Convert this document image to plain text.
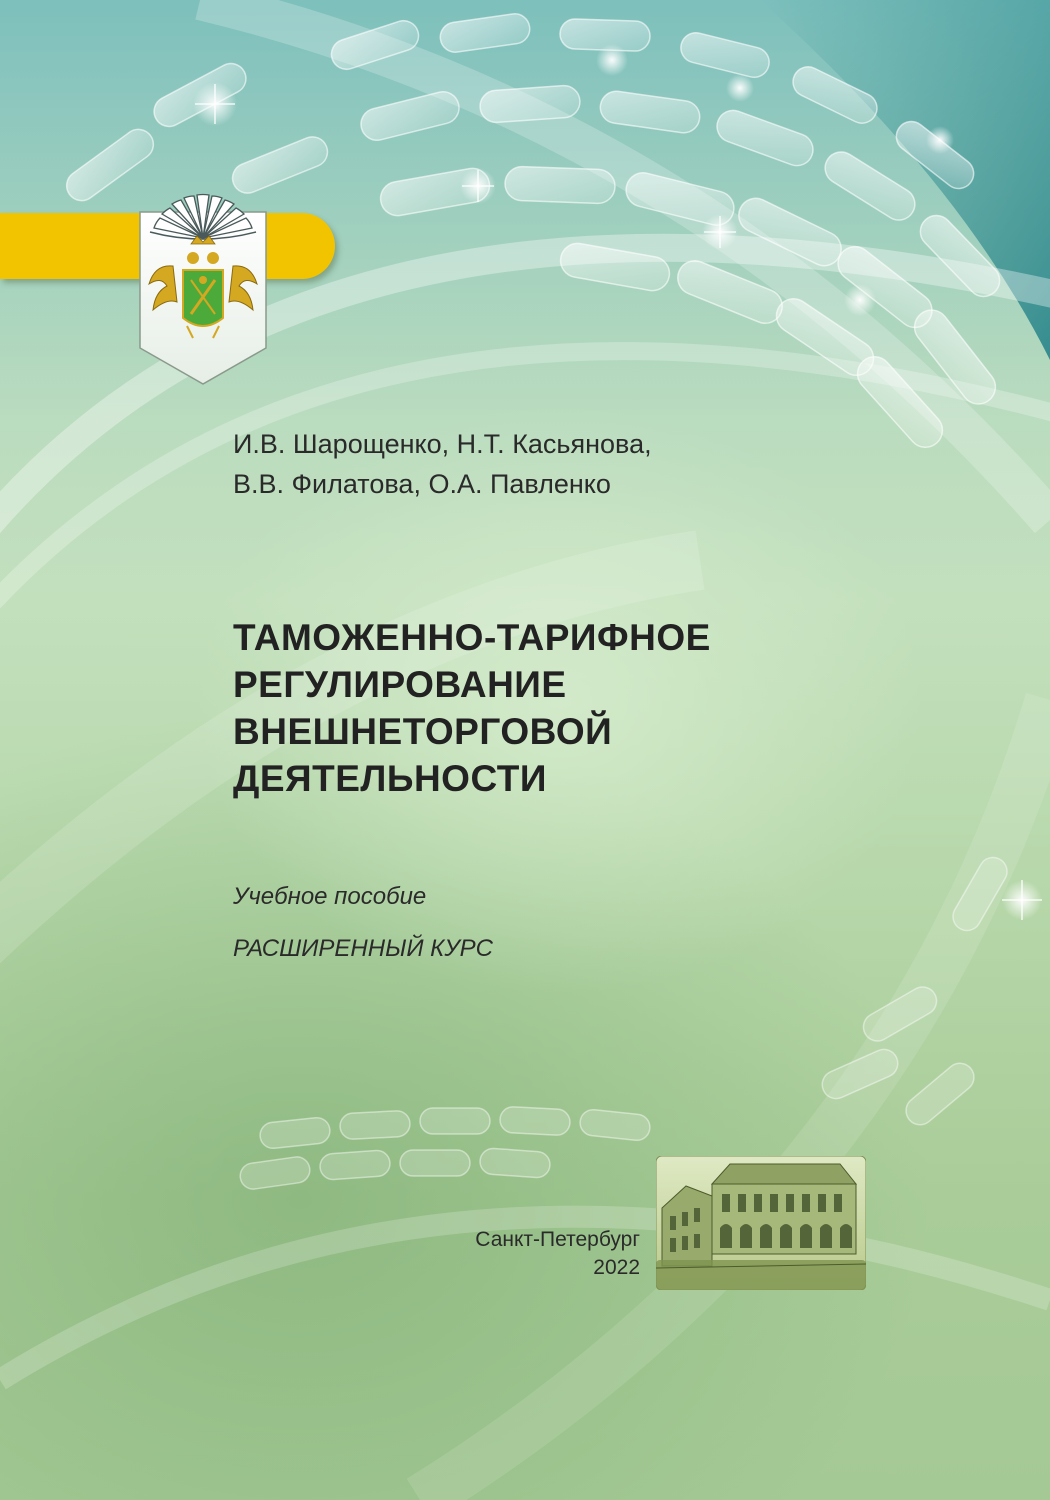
И.В. Шарощенко, Н.Т. Касьянова,
В.В. Филатова, О.А. Павленко
ТАМОЖЕННО-ТАРИФНОЕ
РЕГУЛИРОВАНИЕ
ВНЕШНЕТОРГОВОЙ
ДЕЯТЕЛЬНОСТИ
Учебное пособие
РАСШИРЕННЫЙ КУРС
Санкт-Петербург
2022
